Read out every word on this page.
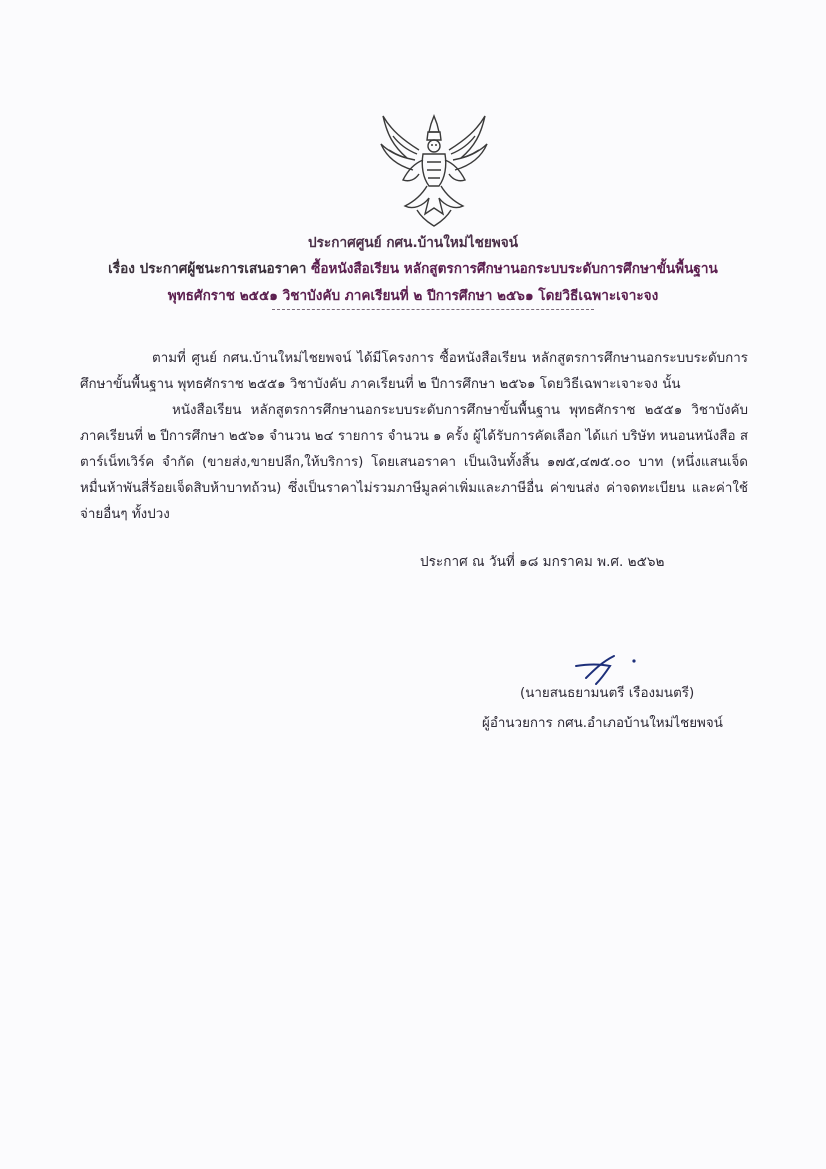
ประกาศศูนย์ กศน.บ้านใหม่ไชยพจน์
เรื่อง ประกาศผู้ชนะการเสนอราคา ซื้อหนังสือเรียน หลักสูตรการศึกษานอกระบบระดับการศึกษาขั้นพื้นฐาน
พุทธศักราช ๒๕๕๑ วิชาบังคับ ภาคเรียนที่ ๒ ปีการศึกษา ๒๕๖๑ โดยวิธีเฉพาะเจาะจง
ตามที่ ศูนย์ กศน.บ้านใหม่ไชยพจน์ ได้มีโครงการ ซื้อหนังสือเรียน หลักสูตรการศึกษานอกระบบระดับการศึกษาขั้นพื้นฐาน พุทธศักราช ๒๕๕๑ วิชาบังคับ ภาคเรียนที่ ๒ ปีการศึกษา ๒๕๖๑ โดยวิธีเฉพาะเจาะจง นั้น
หนังสือเรียน หลักสูตรการศึกษานอกระบบระดับการศึกษาขั้นพื้นฐาน พุทธศักราช ๒๕๕๑ วิชาบังคับ ภาคเรียนที่ ๒ ปีการศึกษา ๒๕๖๑ จำนวน ๒๔ รายการ จำนวน ๑ ครั้ง ผู้ได้รับการคัดเลือก ได้แก่ บริษัท หนอนหนังสือ สตาร์เน็ทเวิร์ค จำกัด (ขายส่ง,ขายปลีก,ให้บริการ) โดยเสนอราคา เป็นเงินทั้งสิ้น ๑๗๕,๔๗๕.๐๐ บาท (หนึ่งแสนเจ็ดหมื่นห้าพันสี่ร้อยเจ็ดสิบห้าบาทถ้วน) ซึ่งเป็นราคาไม่รวมภาษีมูลค่าเพิ่มและภาษีอื่น ค่าขนส่ง ค่าจดทะเบียน และค่าใช้จ่ายอื่นๆ ทั้งปวง
ประกาศ ณ วันที่ ๑๘ มกราคม พ.ศ. ๒๕๖๒
(นายสนธยามนตรี เรืองมนตรี)
ผู้อำนวยการ กศน.อำเภอบ้านใหม่ไชยพจน์
